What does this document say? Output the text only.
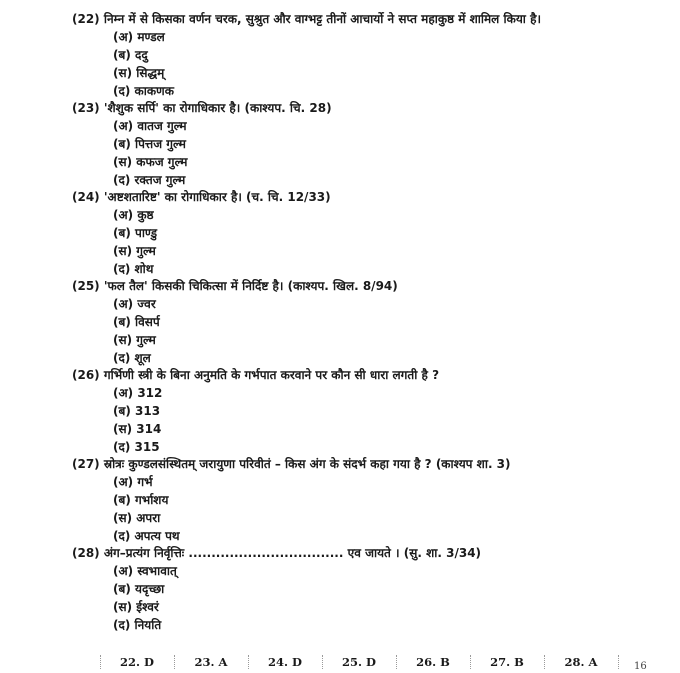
(22) निम्न में से किसका वर्णन चरक, सुश्रुत और वाग्भट्ट तीनों आचार्यो ने सप्त महाकुष्ठ में शामिल किया है।
(अ) मण्डल
(ब) ददु
(स) सिद्धम्
(द) काकणक
(23) 'शैशुक सर्पि' का रोगाधिकार है। (काश्यप. चि. 28)
(अ) वातज गुल्म
(ब) पित्तज गुल्म
(स) कफज गुल्म
(द) रक्तज गुल्म
(24) 'अष्टशतारिष्ट' का रोगाधिकार है। (च. चि. 12/33)
(अ) कुष्ठ
(ब) पाण्डु
(स) गुल्म
(द) शोथ
(25) 'फल तैल' किसकी चिकित्सा में निर्दिष्ट है। (काश्यप. खिल. 8/94)
(अ) ज्वर
(ब) विसर्प
(स) गुल्म
(द) शूल
(26) गर्भिणी स्त्री के बिना अनुमति के गर्भपात करवाने पर कौन सी धारा लगती है ?
(अ) 312
(ब) 313
(स) 314
(द) 315
(27) स्रोत्रः कुण्डलसंस्थितम् जरायुणा परिवीतं – किस अंग के संदर्भ कहा गया है ? (काश्यप शा. 3)
(अ) गर्भ
(ब) गर्भाशय
(स) अपरा
(द) अपत्य पथ
(28) अंग–प्रत्यंग निर्वृत्तिः .................................. एव जायते । (सु. शा. 3/34)
(अ) स्वभावात्
(ब) यदृच्छा
(स) ईश्वरं
(द) नियति
22. D	23. A	24. D	25. D	26. B	27. B	28. A	16
